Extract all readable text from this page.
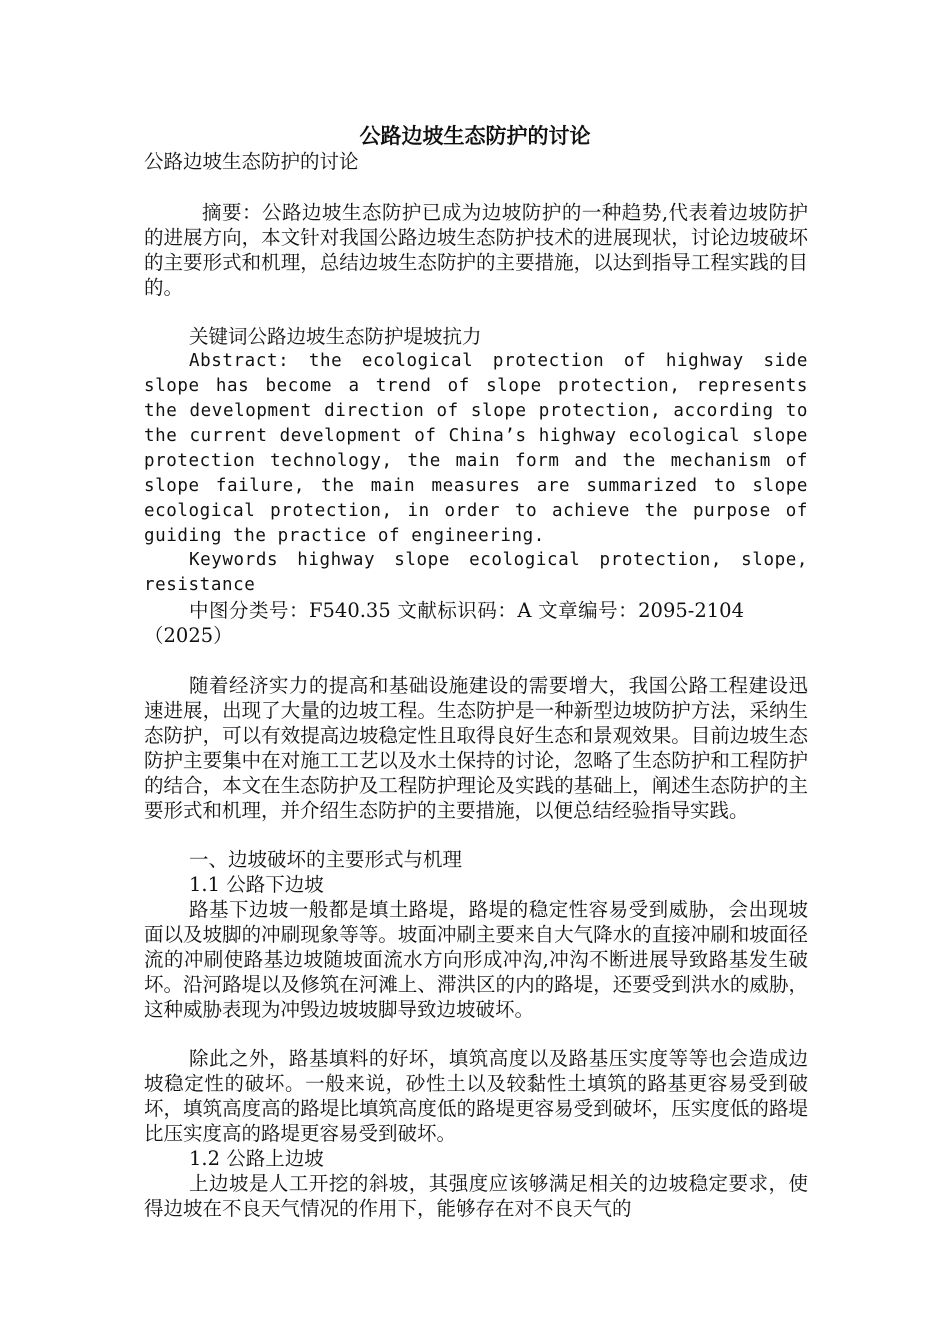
公路边坡生态防护的讨论

公路边坡生态防护的讨论

摘要：公路边坡生态防护已成为边坡防护的一种趋势,代表着边坡防护的进展方向，本文针对我国公路边坡生态防护技术的进展现状，讨论边坡破坏的主要形式和机理，总结边坡生态防护的主要措施，以达到指导工程实践的目的。

关键词公路边坡生态防护堤坡抗力

Abstract: the ecological protection of highway side slope has become a trend of slope protection, represents the development direction of slope protection, according to the current development of China’s highway ecological slope protection technology, the main form and the mechanism of slope failure, the main measures are summarized to slope ecological protection, in order to achieve the purpose of guiding the practice of engineering.

Keywords highway slope ecological protection, slope, resistance

中图分类号：F540.35 文献标识码：A 文章编号：2095-2104（2025）

随着经济实力的提高和基础设施建设的需要增大，我国公路工程建设迅速进展，出现了大量的边坡工程。生态防护是一种新型边坡防护方法，采纳生态防护，可以有效提高边坡稳定性且取得良好生态和景观效果。目前边坡生态防护主要集中在对施工工艺以及水土保持的讨论，忽略了生态防护和工程防护的结合，本文在生态防护及工程防护理论及实践的基础上，阐述生态防护的主要形式和机理，并介绍生态防护的主要措施，以便总结经验指导实践。

一、边坡破坏的主要形式与机理

1.1 公路下边坡

路基下边坡一般都是填土路堤，路堤的稳定性容易受到威胁，会出现坡面以及坡脚的冲刷现象等等。坡面冲刷主要来自大气降水的直接冲刷和坡面径流的冲刷使路基边坡随坡面流水方向形成冲沟,冲沟不断进展导致路基发生破坏。沿河路堤以及修筑在河滩上、滞洪区的内的路堤，还要受到洪水的威胁，这种威胁表现为冲毁边坡坡脚导致边坡破坏。

除此之外，路基填料的好坏，填筑高度以及路基压实度等等也会造成边坡稳定性的破坏。一般来说，砂性土以及较黏性土填筑的路基更容易受到破坏，填筑高度高的路堤比填筑高度低的路堤更容易受到破坏，压实度低的路堤比压实度高的路堤更容易受到破坏。

1.2 公路上边坡

上边坡是人工开挖的斜坡，其强度应该够满足相关的边坡稳定要求，使得边坡在不良天气情况的作用下，能够存在对不良天气的
